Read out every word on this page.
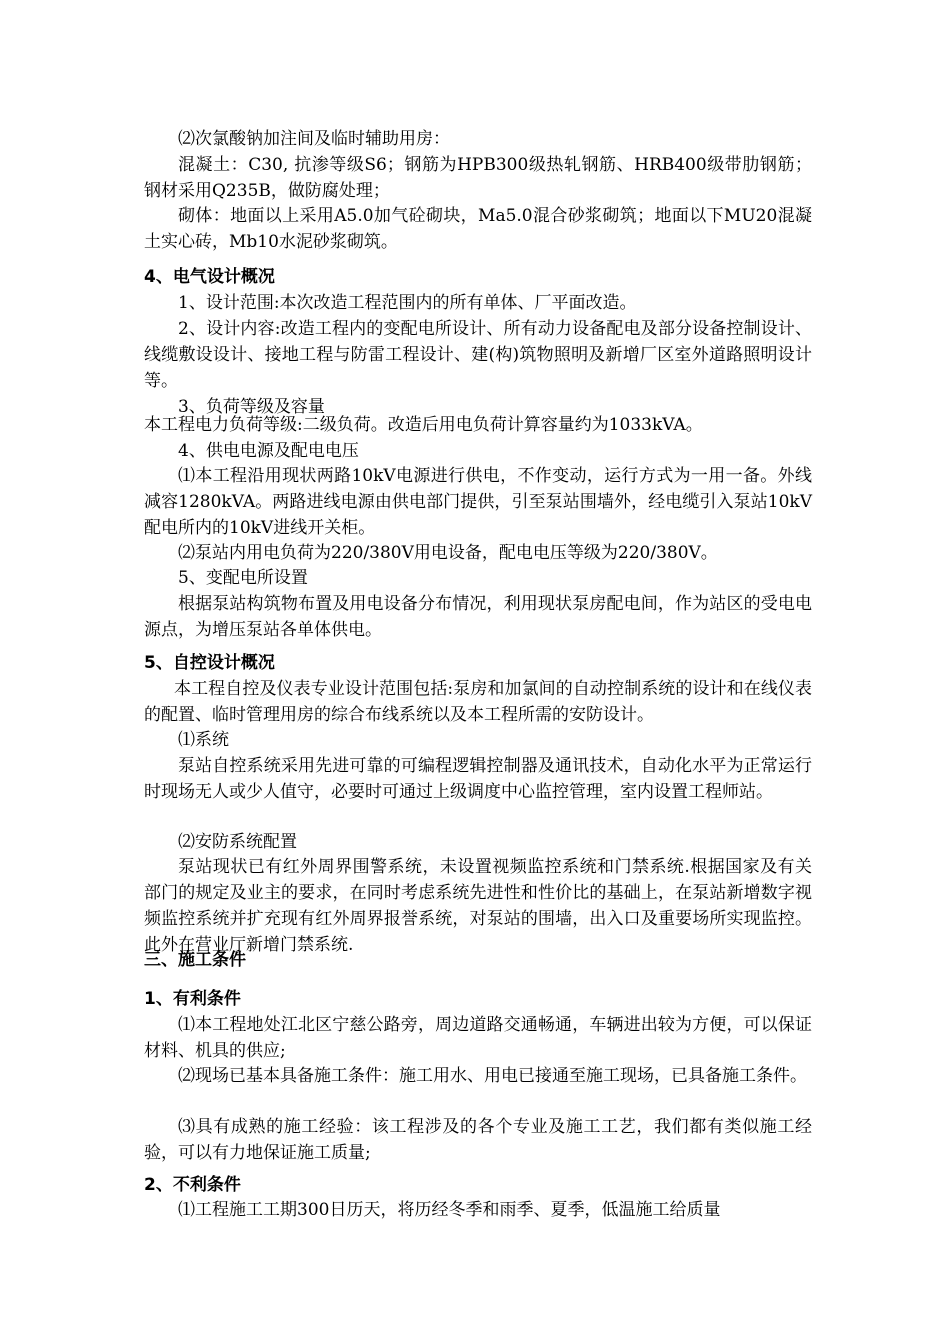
⑵次氯酸钠加注间及临时辅助用房：

混凝土：C30, 抗渗等级S6；钢筋为HPB300级热轧钢筋、HRB400级带肋钢筋；钢材采用Q235B，做防腐处理；

砌体：地面以上采用A5.0加气砼砌块，Ma5.0混合砂浆砌筑；地面以下MU20混凝土实心砖，Mb10水泥砂浆砌筑。

4、电气设计概况

1、设计范围:本次改造工程范围内的所有单体、厂平面改造。

2、设计内容:改造工程内的变配电所设计、所有动力设备配电及部分设备控制设计、线缆敷设设计、接地工程与防雷工程设计、建(构)筑物照明及新增厂区室外道路照明设计等。

3、负荷等级及容量

本工程电力负荷等级:二级负荷。改造后用电负荷计算容量约为1033kVA。

4、供电电源及配电电压

⑴本工程沿用现状两路10kV电源进行供电，不作变动，运行方式为一用一备。外线减容1280kVA。两路进线电源由供电部门提供，引至泵站围墙外，经电缆引入泵站10kV配电所内的10kV进线开关柜。

⑵泵站内用电负荷为220/380V用电设备，配电电压等级为220/380V。

5、变配电所设置

根据泵站构筑物布置及用电设备分布情况，利用现状泵房配电间，作为站区的受电电源点，为增压泵站各单体供电。

5、自控设计概况

本工程自控及仪表专业设计范围包括:泵房和加氯间的自动控制系统的设计和在线仪表的配置、临时管理用房的综合布线系统以及本工程所需的安防设计。

⑴系统

泵站自控系统采用先进可靠的可编程逻辑控制器及通讯技术，自动化水平为正常运行时现场无人或少人值守，必要时可通过上级调度中心监控管理，室内设置工程师站。

⑵安防系统配置

泵站现状已有红外周界围警系统，未设置视频监控系统和门禁系统.根据国家及有关部门的规定及业主的要求，在同时考虑系统先进性和性价比的基础上，在泵站新增数字视频监控系统并扩充现有红外周界报誉系统，对泵站的围墙，出入口及重要场所实现监控。此外在营业厅新增门禁系统.

三、施工条件
1、有利条件

⑴本工程地处江北区宁慈公路旁，周边道路交通畅通，车辆进出较为方便，可以保证材料、机具的供应;

⑵现场已基本具备施工条件：施工用水、用电已接通至施工现场，已具备施工条件。

⑶具有成熟的施工经验：该工程涉及的各个专业及施工工艺，我们都有类似施工经验，可以有力地保证施工质量;

2、不利条件

⑴工程施工工期300日历天，将历经冬季和雨季、夏季，低温施工给质量
